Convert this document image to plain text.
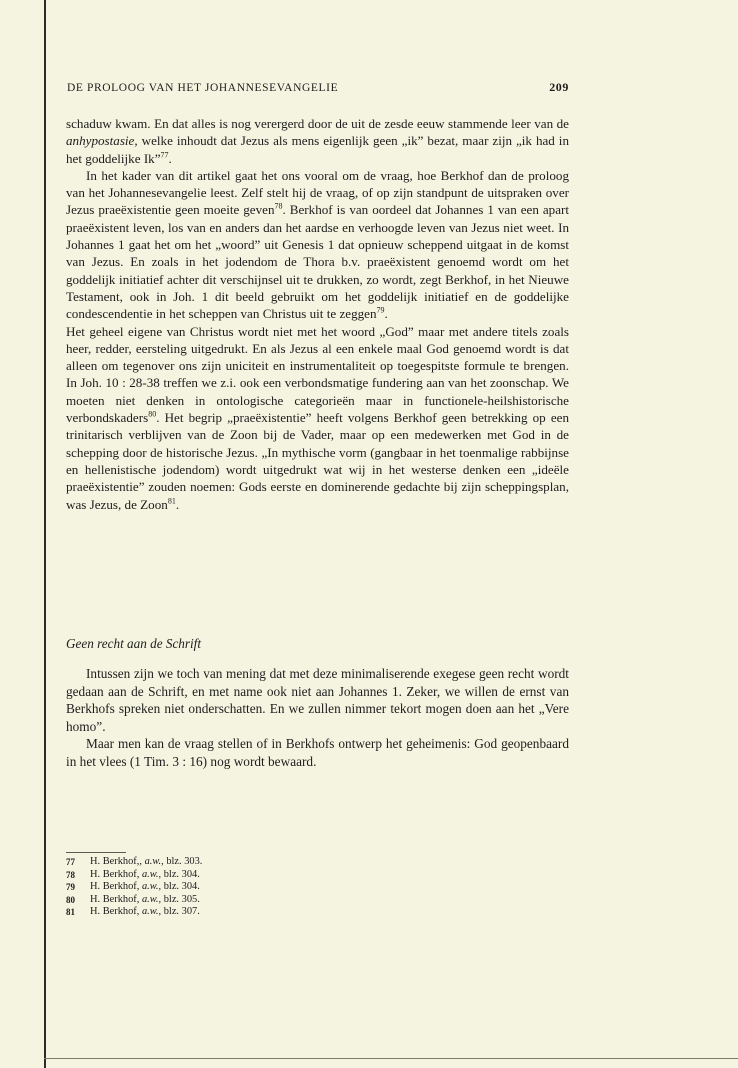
DE PROLOOG VAN HET JOHANNESEVANGELIE	209

schaduw kwam. En dat alles is nog verergerd door de uit de zesde eeuw stammende leer van de anhypostasie, welke inhoudt dat Jezus als mens eigenlijk geen „ik” bezat, maar zijn „ik had in het goddelijke Ik”$^{77}$.

In het kader van dit artikel gaat het ons vooral om de vraag, hoe Berkhof dan de proloog van het Johannesevangelie leest. Zelf stelt hij de vraag, of op zijn standpunt de uitspraken over Jezus praeëxistentie geen moeite geven$^{78}$. Berkhof is van oordeel dat Johannes 1 van een apart praeëxistent leven, los van en anders dan het aardse en verhoogde leven van Jezus niet weet. In Johannes 1 gaat het om het „woord” uit Genesis 1 dat opnieuw scheppend uitgaat in de komst van Jezus. En zoals in het jodendom de Thora b.v. praeëxistent genoemd wordt om het goddelijk initiatief achter dit verschijnsel uit te drukken, zo wordt, zegt Berkhof, in het Nieuwe Testament, ook in Joh. 1 dit beeld gebruikt om het goddelijk initiatief en de goddelijke condescendentie in het scheppen van Christus uit te zeggen$^{79}$.

Het geheel eigene van Christus wordt niet met het woord „God” maar met andere titels zoals heer, redder, eersteling uitgedrukt. En als Jezus al een enkele maal God genoemd wordt is dat alleen om tegenover ons zijn uniciteit en instrumentaliteit op toegespitste formule te brengen. In Joh. 10 : 28-38 treffen we z.i. ook een verbondsmatige fundering aan van het zoonschap. We moeten niet denken in ontologische categorieën maar in functionele-heilshistorische verbondskaders$^{80}$. Het begrip „praeëxistentie” heeft volgens Berkhof geen betrekking op een trinitarisch verblijven van de Zoon bij de Vader, maar op een medewerken met God in de schepping door de historische Jezus. „In mythische vorm (gangbaar in het toenmalige rabbijnse en hellenistische jodendom) wordt uitgedrukt wat wij in het westerse denken een „ideële praeëxistentie” zouden noemen: Gods eerste en dominerende gedachte bij zijn scheppingsplan, was Jezus, de Zoon$^{81}$.

Geen recht aan de Schrift

Intussen zijn we toch van mening dat met deze minimaliserende exegese geen recht wordt gedaan aan de Schrift, en met name ook niet aan Johannes 1. Zeker, we willen de ernst van Berkhofs spreken niet onderschatten. En we zullen nimmer tekort mogen doen aan het „Vere homo”.

Maar men kan de vraag stellen of in Berkhofs ontwerp het geheimenis: God geopenbaard in het vlees (1 Tim. 3 : 16) nog wordt bewaard.

77	H. Berkhof,, a.w., blz. 303.
78	H. Berkhof, a.w., blz. 304.
79	H. Berkhof, a.w., blz. 304.
80	H. Berkhof, a.w., blz. 305.
81	H. Berkhof, a.w., blz. 307.
